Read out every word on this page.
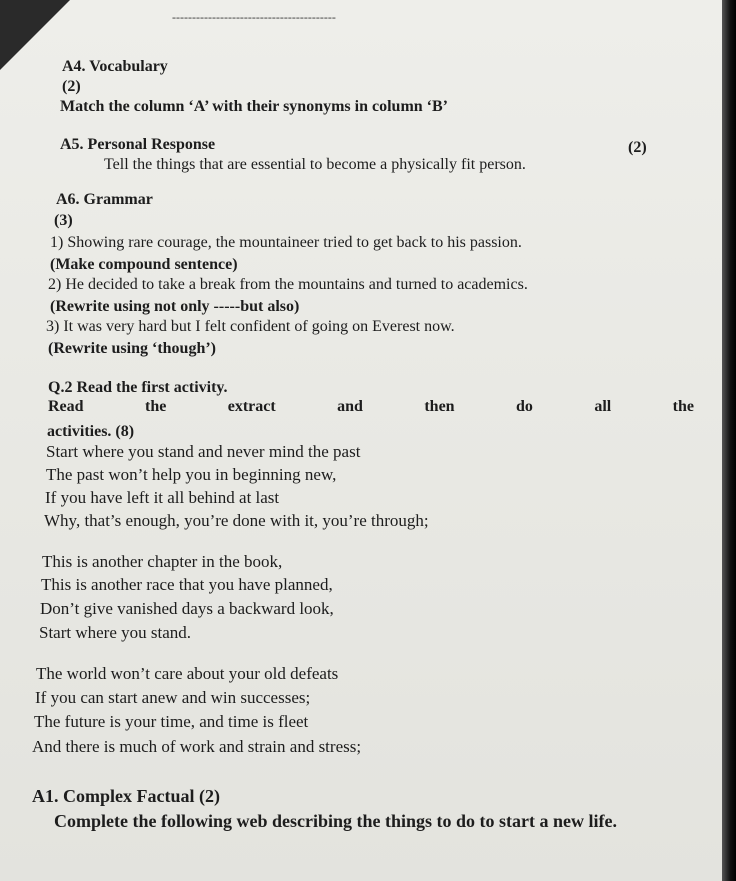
-----------------------------------------
A4. Vocabulary
(2)
Match the column ‘A’ with their synonyms in column ‘B’
A5. Personal Response	(2)
Tell the things that are essential to become a physically fit person.
A6. Grammar
(3)
1) Showing rare courage, the mountaineer tried to get back to his passion.
(Make compound sentence)
2) He decided to take a break from the mountains and turned to academics.
(Rewrite using not only -----but also)
3) It was very hard but I felt confident of going on Everest now.
(Rewrite using ‘though’)
Q.2 Read the first activity.
Read	the	extract	and	then	do	all	the
activities. (8)
Start where you stand and never mind the past
The past won’t help you in beginning new,
If you have left it all behind at last
Why, that’s enough, you’re done with it, you’re through;
This is another chapter in the book,
This is another race that you have planned,
Don’t give vanished days a backward look,
Start where you stand.
The world won’t care about your old defeats
If you can start anew and win successes;
The future is your time, and time is fleet
And there is much of work and strain and stress;
A1. Complex Factual (2)
Complete the following web describing the things to do to start a new life.
